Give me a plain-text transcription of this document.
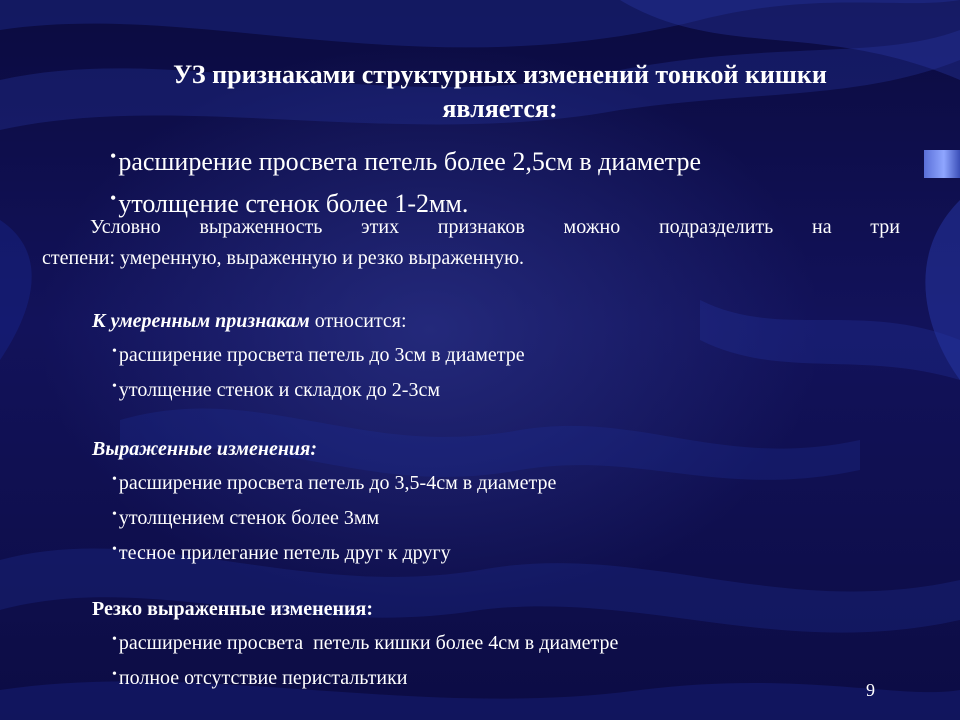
УЗ признаками структурных изменений тонкой кишки
является:
•расширение просвета петель более 2,5см в диаметре
•утолщение стенок более 1-2мм.
Условно выраженность этих признаков можно подразделить на три
степени: умеренную, выраженную и резко выраженную.
К умеренным признакам относится:
• расширение просвета петель до 3см в диаметре
• утолщение стенок и складок до 2-3см
Выраженные изменения:
• расширение просвета петель до 3,5-4см в диаметре
• утолщением стенок более 3мм
• тесное прилегание петель друг к другу
Резко выраженные изменения:
• расширение просвета  петель кишки более 4см в диаметре
• полное отсутствие перистальтики
9
